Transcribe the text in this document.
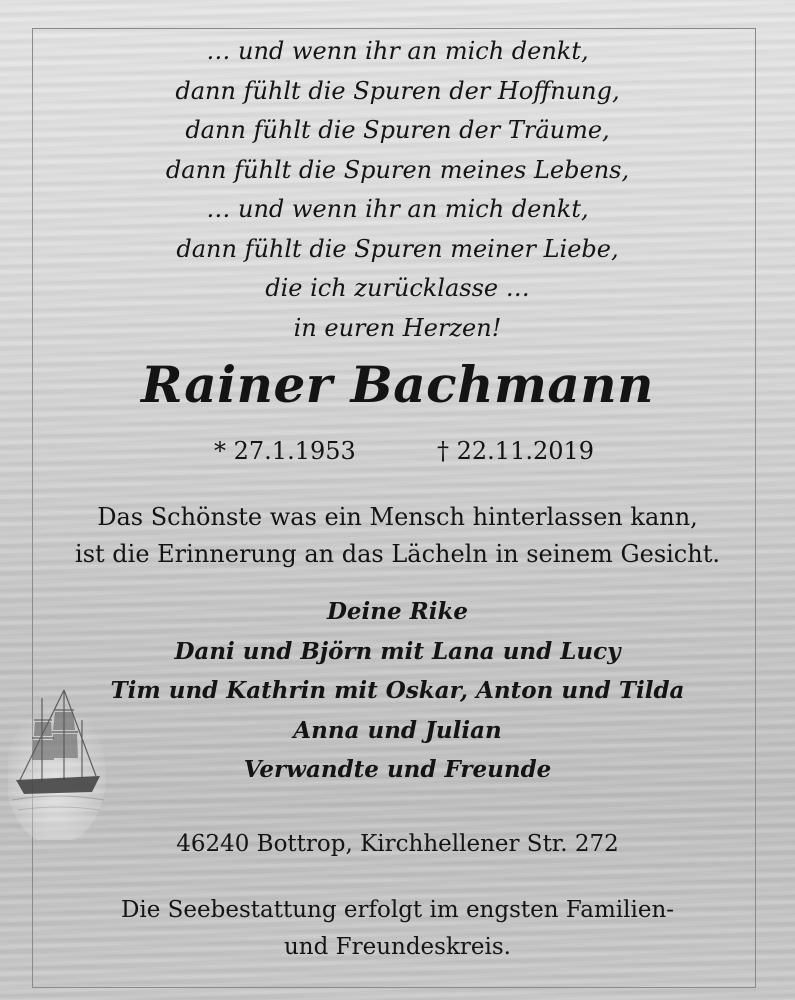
… und wenn ihr an mich denkt,
dann fühlt die Spuren der Hoffnung,
dann fühlt die Spuren der Träume,
dann fühlt die Spuren meines Lebens,
… und wenn ihr an mich denkt,
dann fühlt die Spuren meiner Liebe,
die ich zurücklasse …
in euren Herzen!
Rainer Bachmann
* 27.1.1953	† 22.11.2019
Das Schönste was ein Mensch hinterlassen kann,
ist die Erinnerung an das Lächeln in seinem Gesicht.
Deine Rike
Dani und Björn mit Lana und Lucy
Tim und Kathrin mit Oskar, Anton und Tilda
Anna und Julian
Verwandte und Freunde
46240 Bottrop, Kirchhellener Str. 272
Die Seebestattung erfolgt im engsten Familien-
und Freundeskreis.
